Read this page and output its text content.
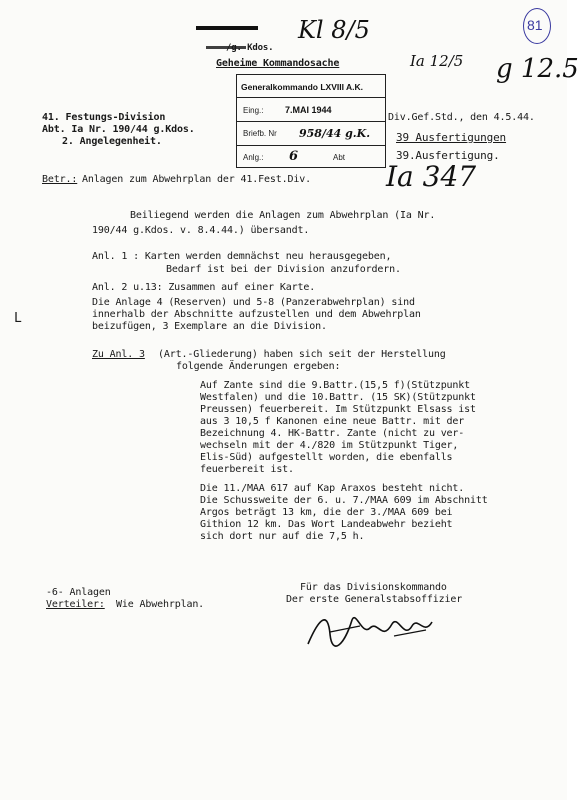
/g. Kdos.
Geheime Kommandosache
Kl 8/5
Ia 12/5 g 12.5
81
Generalkommando LXVIII A.K.
Eing.: 7.MAI 1944
Briefb. Nr 958/44 g.K.
Anlg.: 6	Abt
41. Festungs-Division
Abt. Ia Nr. 190/44 g.Kdos.
2. Angelegenheit.
Div.Gef.Std., den 4.5.44.
39 Ausfertigungen
39.Ausfertigung.
Ia 347
Betr.: Anlagen zum Abwehrplan der 41.Fest.Div.
Beiliegend werden die Anlagen zum Abwehrplan (Ia Nr.
190/44 g.Kdos. v. 8.4.44.) übersandt.
Anl. 1 : Karten werden demnächst neu herausgegeben,
Bedarf ist bei der Division anzufordern.
Anl. 2 u.13: Zusammen auf einer Karte.
Die Anlage 4 (Reserven) und 5-8 (Panzerabwehrplan) sind
innerhalb der Abschnitte aufzustellen und dem Abwehrplan
beizufügen, 3 Exemplare an die Division.
L
Zu Anl. 3 (Art.-Gliederung) haben sich seit der Herstellung
folgende Änderungen ergeben:
Auf Zante sind die 9.Battr.(15,5 f)(Stützpunkt
Westfalen) und die 10.Battr. (15 SK)(Stützpunkt
Preussen) feuerbereit. Im Stützpunkt Elsass ist
aus 3 10,5 f Kanonen eine neue Battr. mit der
Bezeichnung 4. HK-Battr. Zante (nicht zu ver-
wechseln mit der 4./820 im Stützpunkt Tiger,
Elis-Süd) aufgestellt worden, die ebenfalls
feuerbereit ist.
Die 11./MAA 617 auf Kap Araxos besteht nicht.
Die Schussweite der 6. u. 7./MAA 609 im Abschnitt
Argos beträgt 13 km, die der 3./MAA 609 bei
Githion 12 km. Das Wort Landeabwehr bezieht
sich dort nur auf die 7,5 h.
-6- Anlagen
Verteiler: Wie Abwehrplan.
Für das Divisionskommando
Der erste Generalstabsoffizier
